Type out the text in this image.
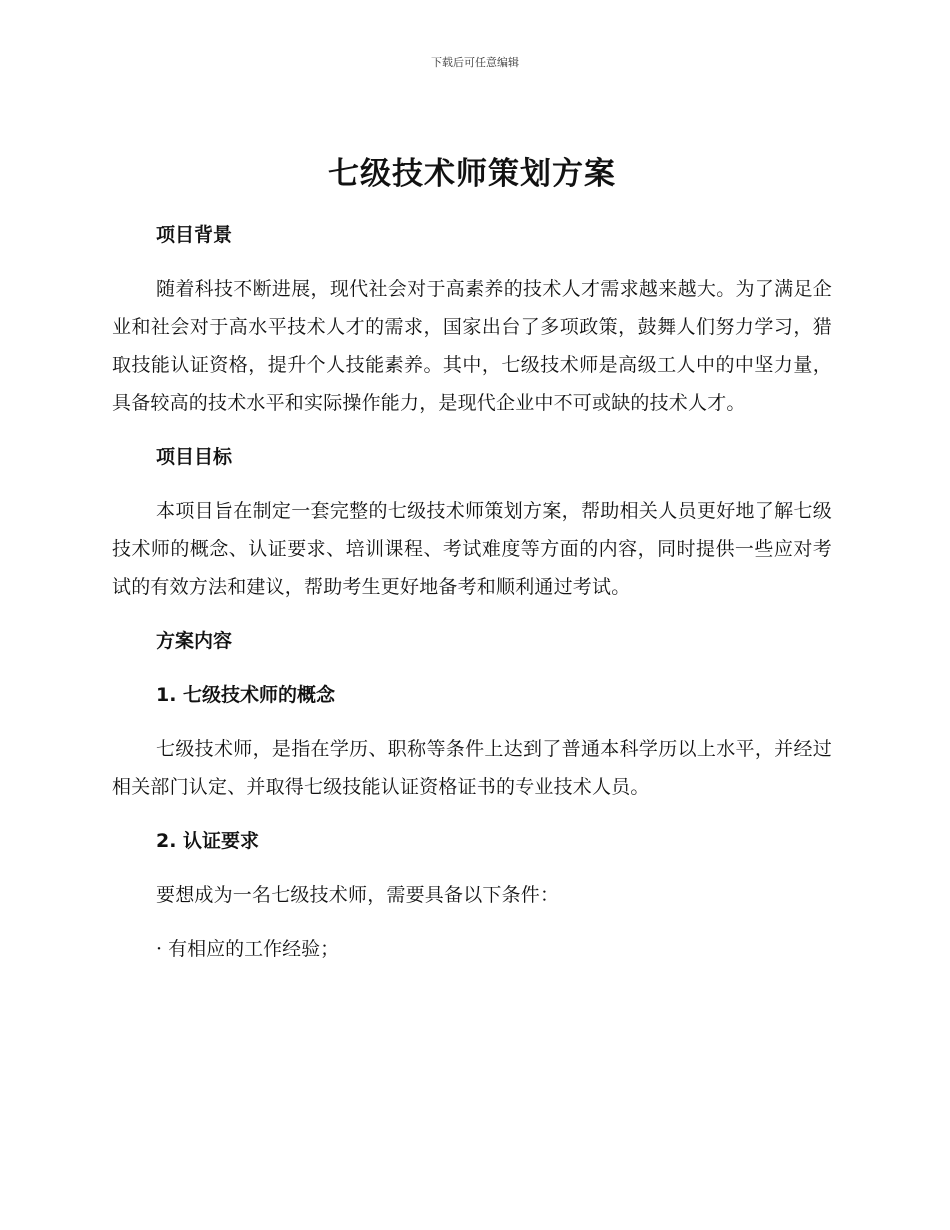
下载后可任意编辑
七级技术师策划方案
项目背景

随着科技不断进展，现代社会对于高素养的技术人才需求越来越大。为了满足企业和社会对于高水平技术人才的需求，国家出台了多项政策，鼓舞人们努力学习，猎取技能认证资格，提升个人技能素养。其中，七级技术师是高级工人中的中坚力量，具备较高的技术水平和实际操作能力，是现代企业中不可或缺的技术人才。

项目目标

本项目旨在制定一套完整的七级技术师策划方案，帮助相关人员更好地了解七级技术师的概念、认证要求、培训课程、考试难度等方面的内容，同时提供一些应对考试的有效方法和建议，帮助考生更好地备考和顺利通过考试。

方案内容
1. 七级技术师的概念

七级技术师，是指在学历、职称等条件上达到了普通本科学历以上水平，并经过相关部门认定、并取得七级技能认证资格证书的专业技术人员。

2. 认证要求

要想成为一名七级技术师，需要具备以下条件：

· 有相应的工作经验；
